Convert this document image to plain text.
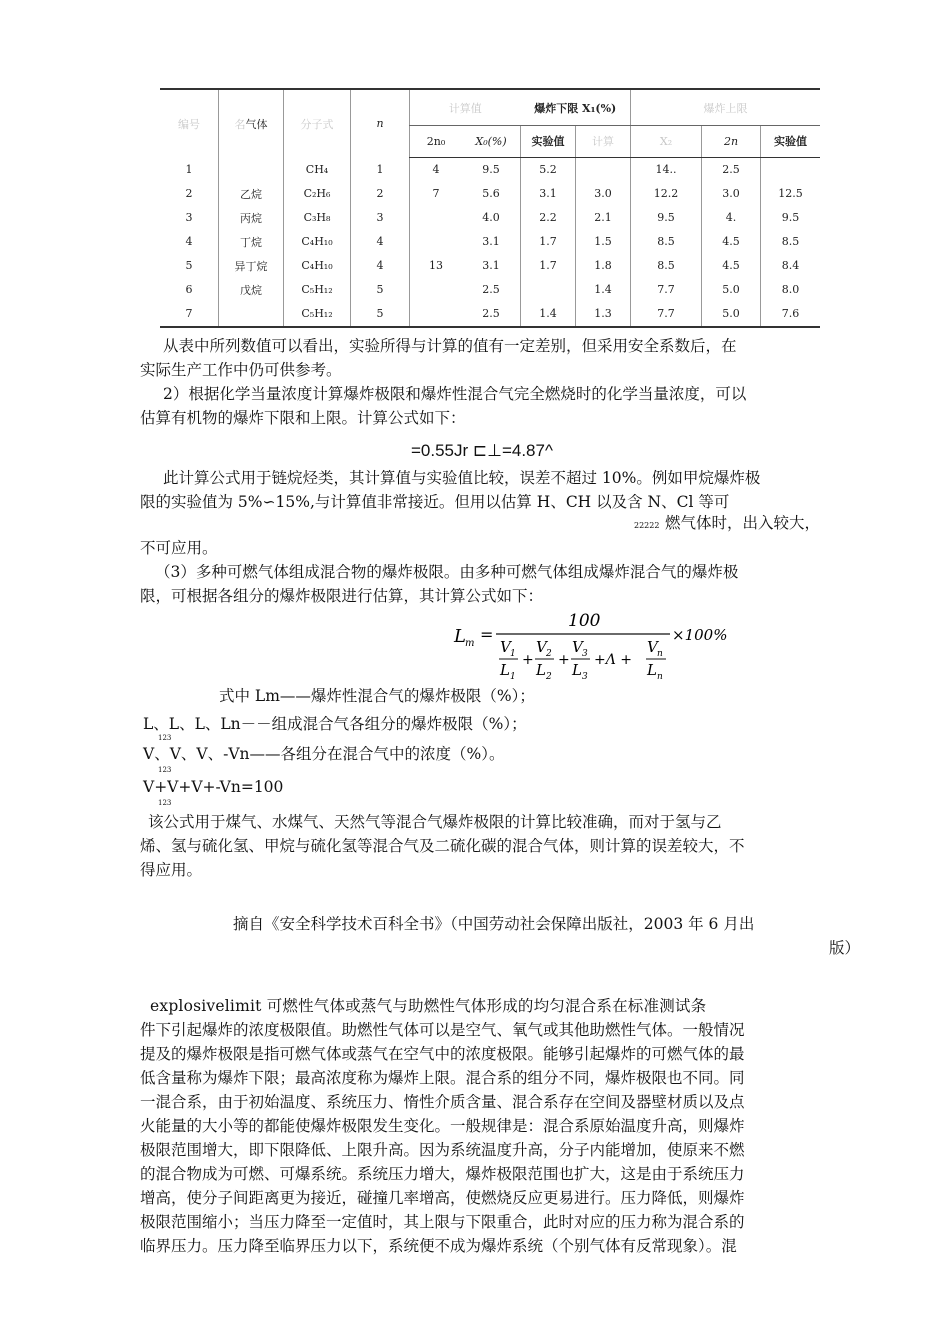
编号	名气体	分子式	n	计算值		爆炸下限 X₁(%)		爆炸上限		
				2n₀	X₀(%)	实验值	计算	X₂	2n	实验值
1		CH₄	1	4	9.5	5.2		14..	2.5	
2	乙烷	C₂H₆	2	7	5.6	3.1	3.0	12.2	3.0	12.5
3	丙烷	C₃H₈	3		4.0	2.2	2.1	9.5	4.	9.5
4	丁烷	C₄H₁₀	4		3.1	1.7	1.5	8.5	4.5	8.5
5	异丁烷	C₄H₁₀	4	13	3.1	1.7	1.8	8.5	4.5	8.4
6	戊烷	C₅H₁₂	5		2.5		1.4	7.7	5.0	8.0
7		C₅H₁₂	5		2.5	1.4	1.3	7.7	5.0	7.6
从表中所列数值可以看出，实验所得与计算的值有一定差别，但采用安全系数后，在
实际生产工作中仍可供参考。
2）根据化学当量浓度计算爆炸极限和爆炸性混合气完全燃烧时的化学当量浓度，可以
估算有机物的爆炸下限和上限。计算公式如下：
=0.55Jr ⊏⊥=4.87^
此计算公式用于链烷烃类，其计算值与实验值比较，误差不超过 10%。例如甲烷爆炸极
限的实验值为 5%∽15%,与计算值非常接近。但用以估算 H、CH 以及含 N、Cl 等可
22222 燃气体时，出入较大，
不可应用。
（3）多种可燃气体组成混合物的爆炸极限。由多种可燃气体组成爆炸混合气的爆炸极
限，可根据各组分的爆炸极限进行估算，其计算公式如下：
L m =
100
V 1
L 1
+
V 2
L 2
+
V 3
L 3
+Λ +
V n
L n
×100%
式中 Lm——爆炸性混合气的爆炸极限（%）；
L、L、L、Ln－－组成混合气各组分的爆炸极限（%）；
123
V、V、V、-Vn——各组分在混合气中的浓度（%）。
123
V+V+V+-Vn=100
123
该公式用于煤气、水煤气、天然气等混合气爆炸极限的计算比较准确，而对于氢与乙
烯、氢与硫化氢、甲烷与硫化氢等混合气及二硫化碳的混合气体，则计算的误差较大，不
得应用。
摘自《安全科学技术百科全书》（中国劳动社会保障出版社，2003 年 6 月出
版）
explosivelimit 可燃性气体或蒸气与助燃性气体形成的均匀混合系在标准测试条
件下引起爆炸的浓度极限值。助燃性气体可以是空气、氧气或其他助燃性气体。一般情况
提及的爆炸极限是指可燃气体或蒸气在空气中的浓度极限。能够引起爆炸的可燃气体的最
低含量称为爆炸下限；最高浓度称为爆炸上限。混合系的组分不同，爆炸极限也不同。同
一混合系，由于初始温度、系统压力、惰性介质含量、混合系存在空间及器壁材质以及点
火能量的大小等的都能使爆炸极限发生变化。一般规律是：混合系原始温度升高，则爆炸
极限范围增大，即下限降低、上限升高。因为系统温度升高，分子内能增加，使原来不燃
的混合物成为可燃、可爆系统。系统压力增大，爆炸极限范围也扩大，这是由于系统压力
增高，使分子间距离更为接近，碰撞几率增高，使燃烧反应更易进行。压力降低，则爆炸
极限范围缩小；当压力降至一定值时，其上限与下限重合，此时对应的压力称为混合系的
临界压力。压力降至临界压力以下，系统便不成为爆炸系统（个别气体有反常现象）。混
